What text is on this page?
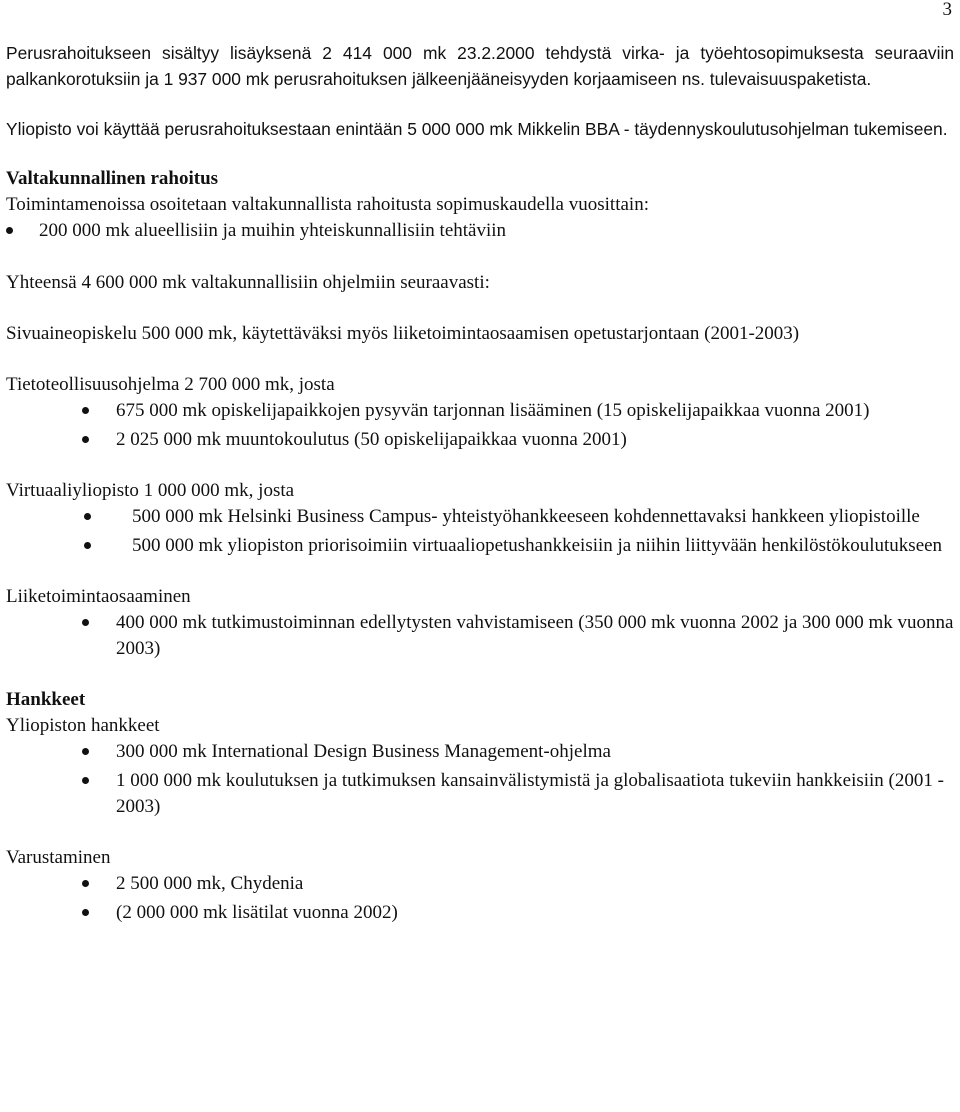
3

Perusrahoitukseen sisältyy lisäyksenä 2 414 000 mk 23.2.2000 tehdystä virka- ja työehtosopimuksesta seuraaviin palkankorotuksiin ja 1 937 000 mk perusrahoituksen jälkeenjääneisyyden korjaamiseen ns. tulevaisuuspaketista.

Yliopisto voi käyttää perusrahoituksestaan enintään 5 000 000 mk Mikkelin BBA - täydennyskoulutusohjelman tukemiseen.

Valtakunnallinen rahoitus

Toimintamenoissa osoitetaan valtakunnallista rahoitusta sopimuskaudella vuosittain:

200 000 mk alueellisiin ja muihin yhteiskunnallisiin tehtäviin

Yhteensä 4 600 000 mk valtakunnallisiin ohjelmiin seuraavasti:

Sivuaineopiskelu 500 000 mk, käytettäväksi myös liiketoimintaosaamisen opetustarjontaan (2001-2003)

Tietoteollisuusohjelma 2 700 000 mk, josta

675 000 mk opiskelijapaikkojen pysyvän tarjonnan lisääminen (15 opiskelijapaikkaa vuonna 2001)
2 025 000 mk muuntokoulutus (50 opiskelijapaikkaa vuonna 2001)

Virtuaaliyliopisto 1 000 000 mk, josta

500 000 mk Helsinki Business Campus- yhteistyöhankkeeseen kohdennettavaksi hankkeen yliopistoille
500 000 mk yliopiston priorisoimiin virtuaaliopetushankkeisiin ja niihin liittyvään henkilöstökoulutukseen

Liiketoimintaosaaminen

400 000 mk tutkimustoiminnan edellytysten vahvistamiseen (350 000 mk vuonna 2002 ja 300 000 mk vuonna 2003)

Hankkeet

Yliopiston hankkeet

300 000 mk International Design Business Management-ohjelma
1 000 000 mk koulutuksen ja tutkimuksen kansainvälistymistä ja globalisaatiota tukeviin hankkeisiin (2001 - 2003)

Varustaminen

2 500 000 mk, Chydenia
(2 000 000 mk lisätilat vuonna 2002)
